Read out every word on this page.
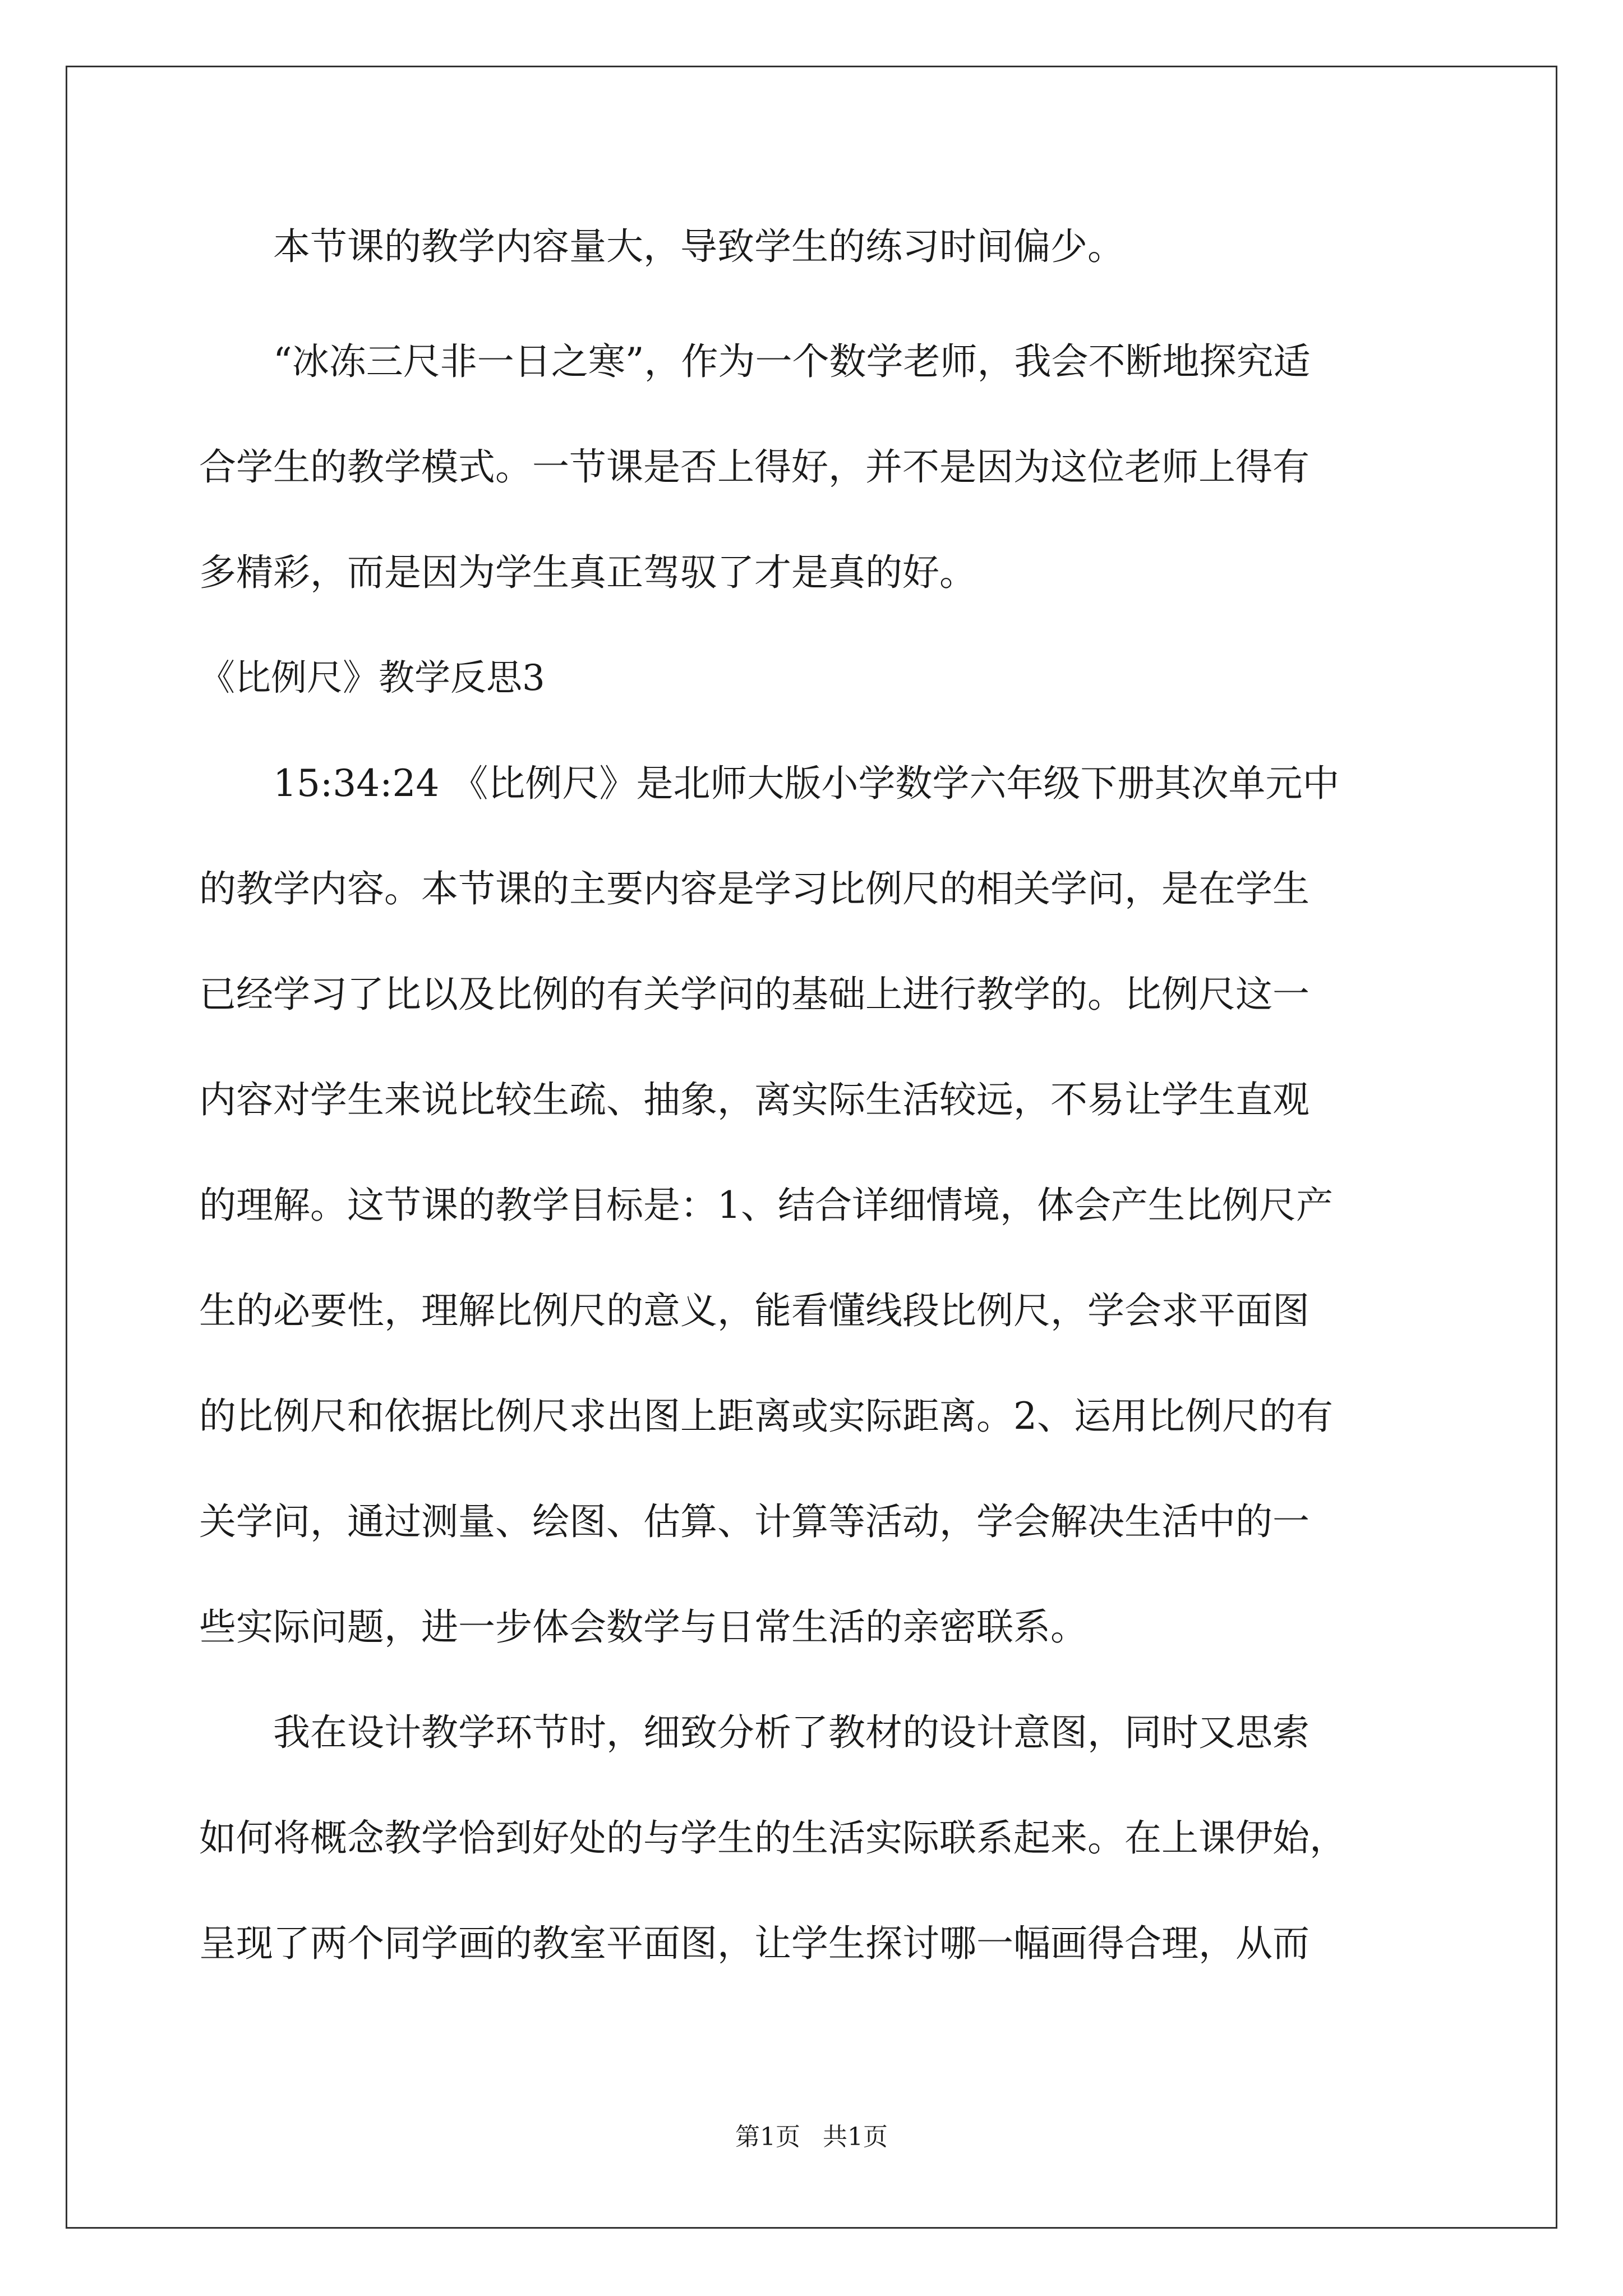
本节课的教学内容量大，导致学生的练习时间偏少。

“冰冻三尺非一日之寒”，作为一个数学老师，我会不断地探究适

合学生的教学模式。一节课是否上得好，并不是因为这位老师上得有

多精彩，而是因为学生真正驾驭了才是真的好。

《比例尺》教学反思3

15:34:24 《比例尺》是北师大版小学数学六年级下册其次单元中

的教学内容。本节课的主要内容是学习比例尺的相关学问，是在学生

已经学习了比以及比例的有关学问的基础上进行教学的。比例尺这一

内容对学生来说比较生疏、抽象，离实际生活较远，不易让学生直观

的理解。这节课的教学目标是：1、结合详细情境，体会产生比例尺产

生的必要性，理解比例尺的意义，能看懂线段比例尺，学会求平面图

的比例尺和依据比例尺求出图上距离或实际距离。2、运用比例尺的有

关学问，通过测量、绘图、估算、计算等活动，学会解决生活中的一

些实际问题，进一步体会数学与日常生活的亲密联系。

我在设计教学环节时，细致分析了教材的设计意图，同时又思索

如何将概念教学恰到好处的与学生的生活实际联系起来。在上课伊始，

呈现了两个同学画的教室平面图，让学生探讨哪一幅画得合理，从而

第1页 共1页
